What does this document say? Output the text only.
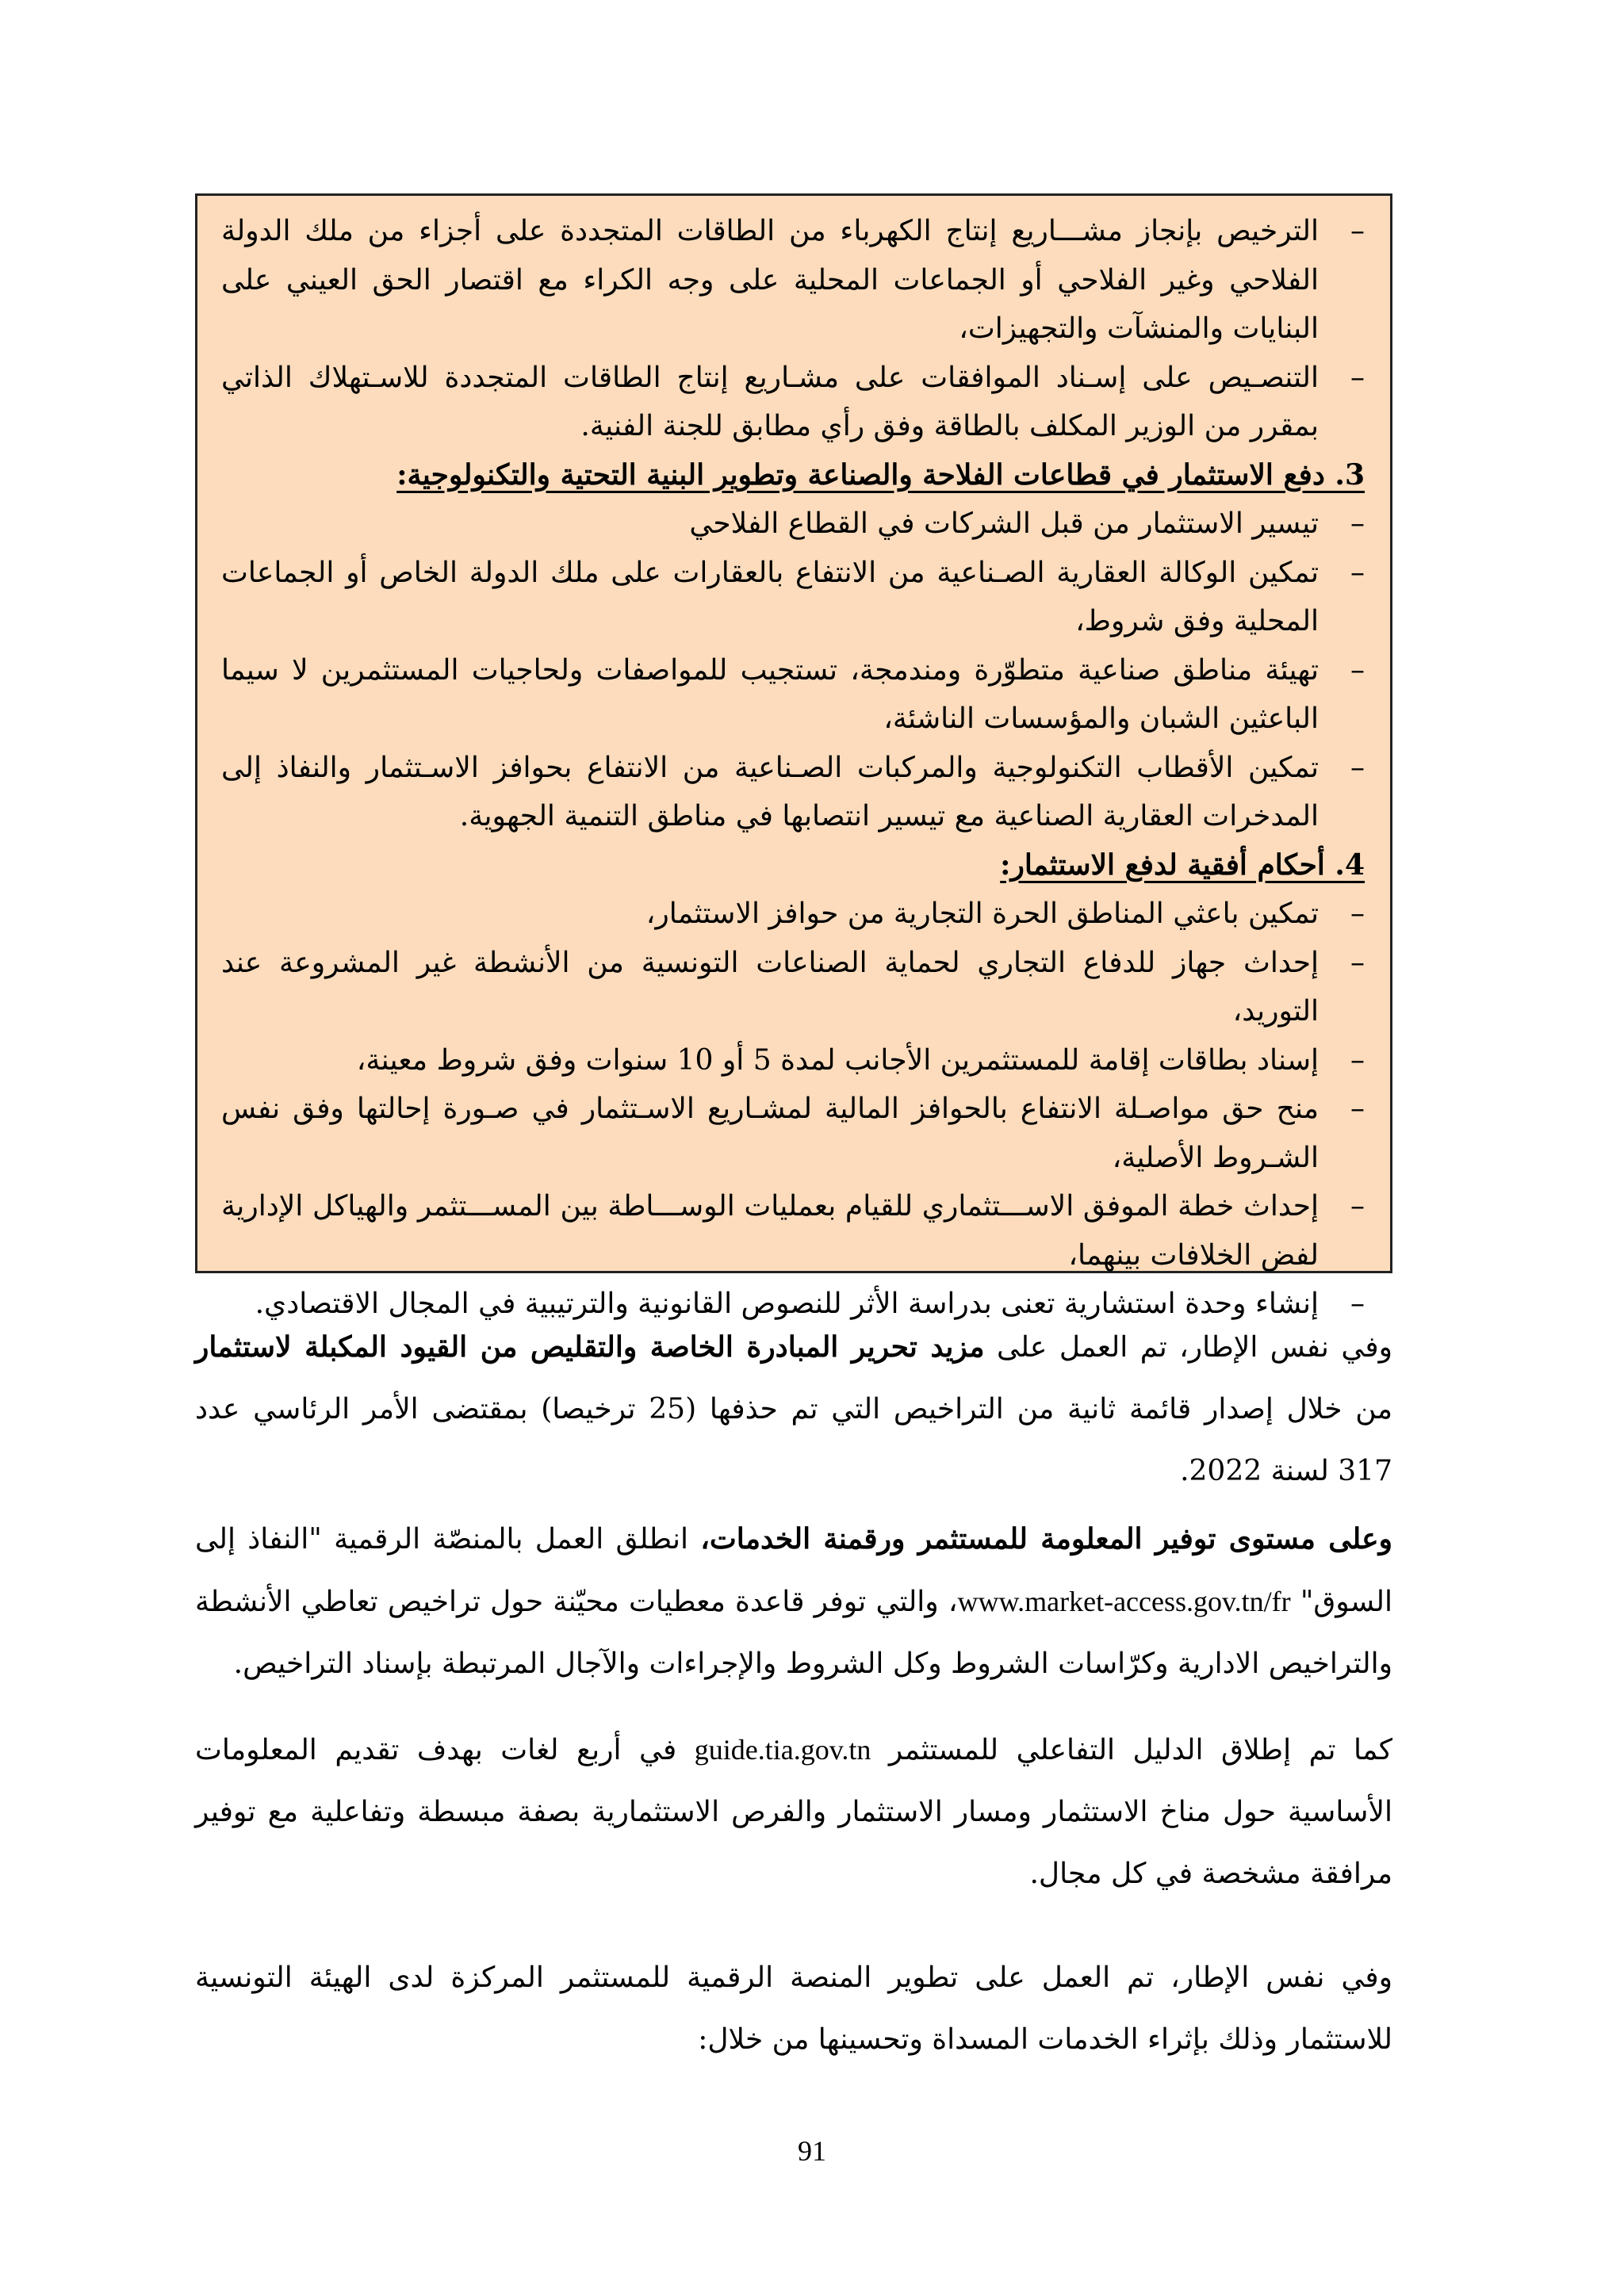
–
الترخيص بإنجاز مشـــاريع إنتاج الكهرباء من الطاقات المتجددة على أجزاء من ملك الدولة الفلاحي وغير الفلاحي أو الجماعات المحلية على وجه الكراء مع اقتصار الحق العيني على البنايات والمنشآت والتجهيزات،
–
التنصـيص على إسـناد الموافقات على مشـاريع إنتاج الطاقات المتجددة للاسـتهلاك الذاتي بمقرر من الوزير المكلف بالطاقة وفق رأي مطابق للجنة الفنية.
3. دفع الاستثمار في قطاعات الفلاحة والصناعة وتطوير البنية التحتية والتكنولوجية:
–
تيسير الاستثمار من قبل الشركات في القطاع الفلاحي
–
تمكين الوكالة العقارية الصـناعية من الانتفاع بالعقارات على ملك الدولة الخاص أو الجماعات المحلية وفق شروط،
–
تهيئة مناطق صناعية متطوّرة ومندمجة، تستجيب للمواصفات ولحاجيات المستثمرين لا سيما الباعثين الشبان والمؤسسات الناشئة،
–
تمكين الأقطاب التكنولوجية والمركبات الصـناعية من الانتفاع بحوافز الاسـتثمار والنفاذ إلى المدخرات العقارية الصناعية مع تيسير انتصابها في مناطق التنمية الجهوية.
4. أحكام أفقية لدفع الاستثمار:
–
تمكين باعثي المناطق الحرة التجارية من حوافز الاستثمار،
–
إحداث جهاز للدفاع التجاري لحماية الصناعات التونسية من الأنشطة غير المشروعة عند التوريد،
–
إسناد بطاقات إقامة للمستثمرين الأجانب لمدة 5 أو 10 سنوات وفق شروط معينة،
–
منح حق مواصـلة الانتفاع بالحوافز المالية لمشـاريع الاسـتثمار في صـورة إحالتها وفق نفس الشـروط الأصلية،
–
إحداث خطة الموفق الاســـتثماري للقيام بعمليات الوســـاطة بين المســـتثمر والهياكل الإدارية لفض الخلافات بينهما،
–
إنشاء وحدة استشارية تعنى بدراسة الأثر للنصوص القانونية والترتيبية في المجال الاقتصادي.

وفي نفس الإطار، تم العمل على مزيد تحرير المبادرة الخاصة والتقليص من القيود المكبلة لاستثمار من خلال إصدار قائمة ثانية من التراخيص التي تم حذفها (25 ترخيصا) بمقتضى الأمر الرئاسي عدد 317 لسنة 2022.

وعلى مستوى توفير المعلومة للمستثمر ورقمنة الخدمات، انطلق العمل بالمنصّة الرقمية "النفاذ إلى السوق" www.market-access.gov.tn/fr، والتي توفر قاعدة معطيات محيّنة حول تراخيص تعاطي الأنشطة والتراخيص الادارية وكرّاسات الشروط وكل الشروط والإجراءات والآجال المرتبطة بإسناد التراخيص.

كما تم إطلاق الدليل التفاعلي للمستثمر guide.tia.gov.tn في أربع لغات بهدف تقديم المعلومات الأساسية حول مناخ الاستثمار ومسار الاستثمار والفرص الاستثمارية بصفة مبسطة وتفاعلية مع توفير مرافقة مشخصة في كل مجال.

وفي نفس الإطار، تم العمل على تطوير المنصة الرقمية للمستثمر المركزة لدى الهيئة التونسية للاستثمار وذلك بإثراء الخدمات المسداة وتحسينها من خلال:

91
